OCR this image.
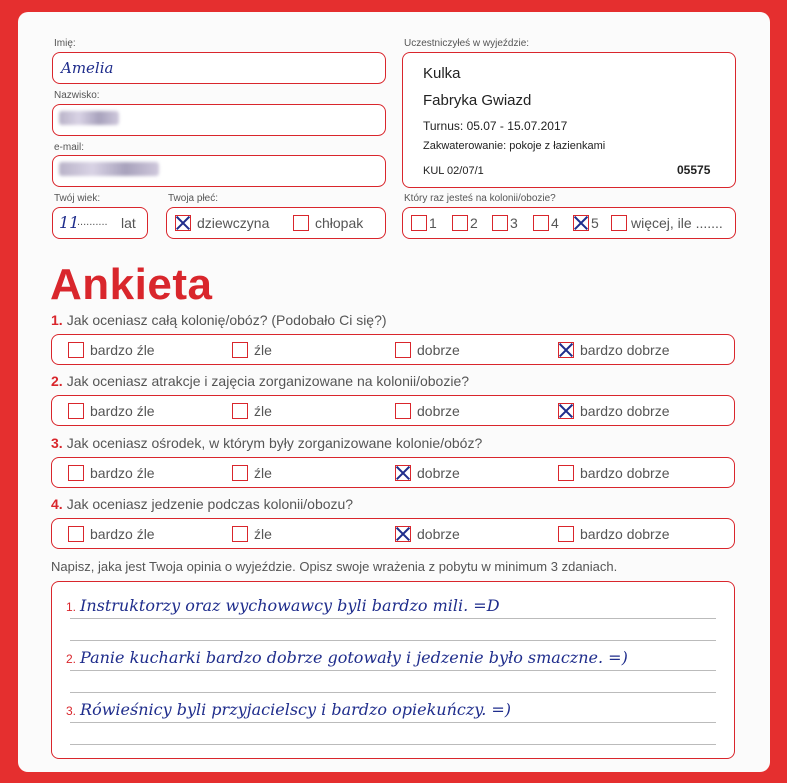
Imię:
Amelia
Nazwisko:
e-mail:
Twój wiek:
11
.......... lat
Twoja płeć:
dziewczyna	chłopak
Uczestniczyłeś w wyjeździe:
Kulka
Fabryka Gwiazd
Turnus: 05.07 - 15.07.2017
Zakwaterowanie: pokoje z łazienkami
KUL 02/07/1	05575
Który raz jesteś na kolonii/obozie?
1	2	3	4	5	więcej, ile .......
Ankieta
1. Jak oceniasz całą kolonię/obóz? (Podobało Ci się?)
bardzo źle	źle	dobrze	bardzo dobrze
2. Jak oceniasz atrakcje i zajęcia zorganizowane na kolonii/obozie?
bardzo źle	źle	dobrze	bardzo dobrze
3. Jak oceniasz ośrodek, w którym były zorganizowane kolonie/obóz?
bardzo źle	źle	dobrze	bardzo dobrze
4. Jak oceniasz jedzenie podczas kolonii/obozu?
bardzo źle	źle	dobrze	bardzo dobrze
Napisz, jaka jest Twoja opinia o wyjeździe. Opisz swoje wrażenia z pobytu w minimum 3 zdaniach.
1. Instruktorzy oraz wychowawcy byli bardzo mili. =D
2. Panie kucharki bardzo dobrze gotowały i jedzenie było smaczne. =)
3. Rówieśnicy byli przyjacielscy i bardzo opiekuńczy. =)
